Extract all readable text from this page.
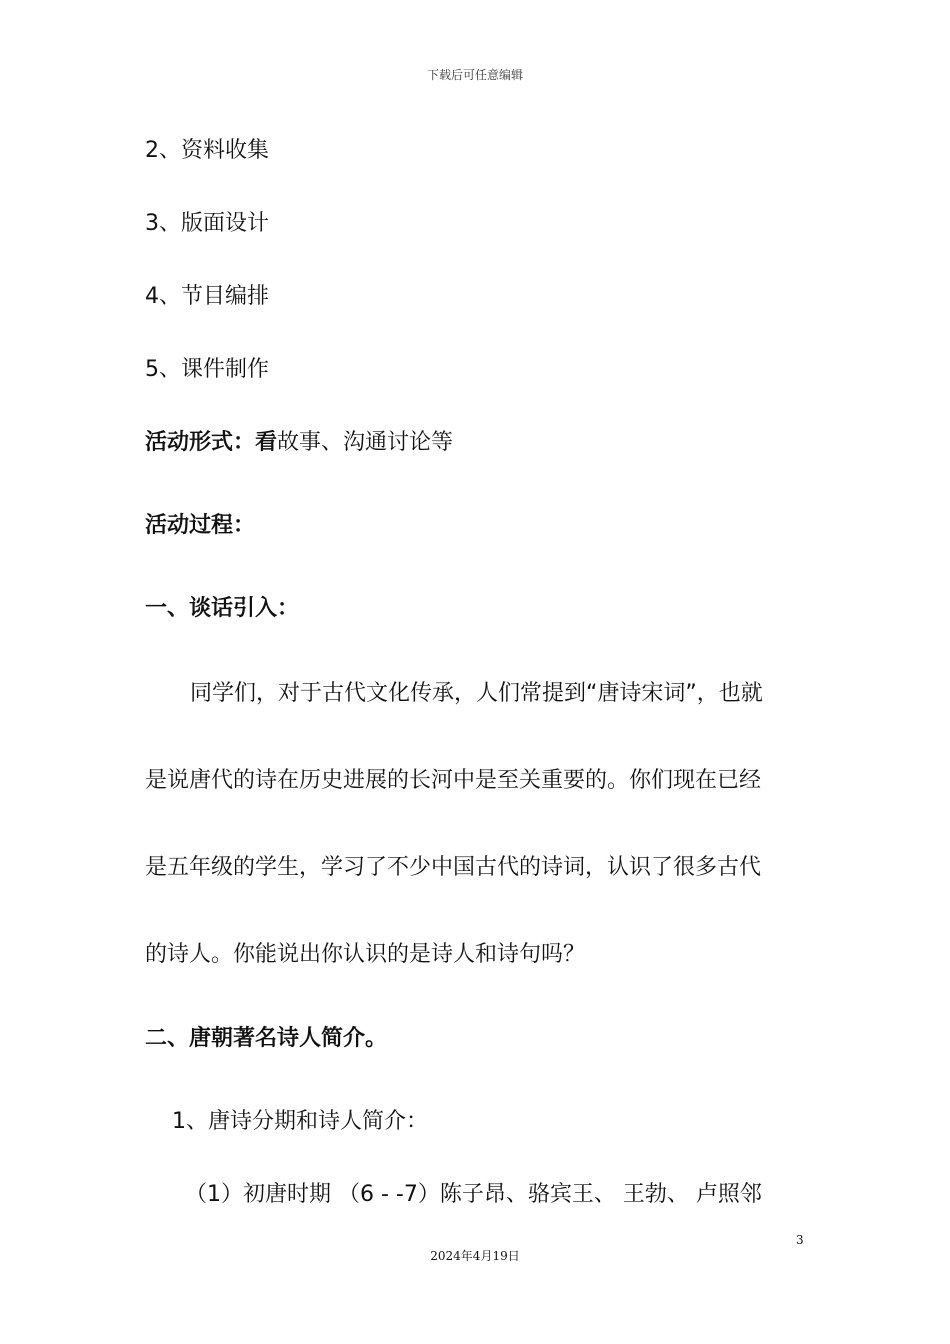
下载后可任意编辑
2、资料收集
3、版面设计
4、节目编排
5、课件制作
活动形式：看故事、沟通讨论等
活动过程：
一、谈话引入：
同学们，对于古代文化传承，人们常提到“唐诗宋词”，也就
是说唐代的诗在历史进展的长河中是至关重要的。你们现在已经
是五年级的学生，学习了不少中国古代的诗词，认识了很多古代
的诗人。你能说出你认识的是诗人和诗句吗？
二、唐朝著名诗人简介。
1、唐诗分期和诗人简介：
（1）初唐时期 （6 - -7）陈子昂、骆宾王、 王勃、 卢照邻
3
2024年4月19日
